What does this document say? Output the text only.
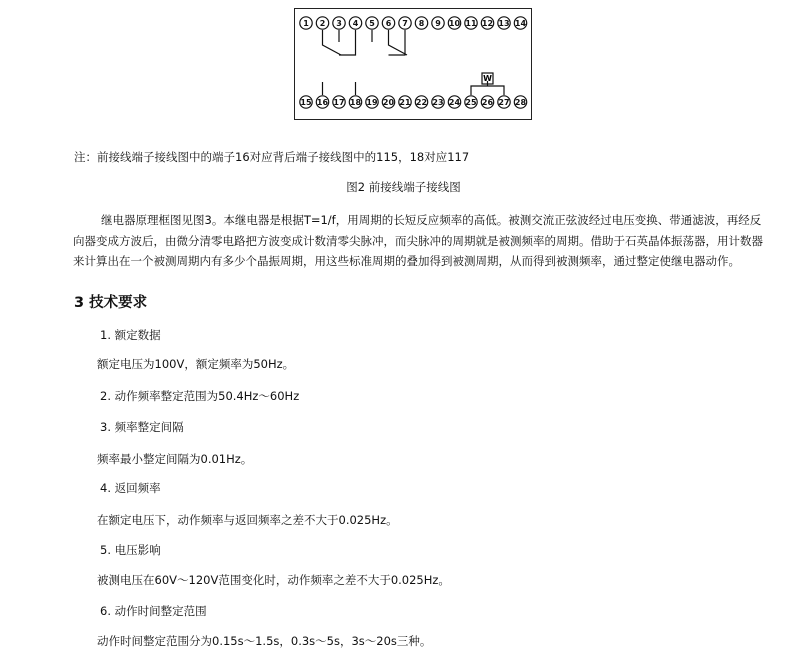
1 2 3 4 5 6 7 8 9 10 11 12 13 14
15 16 17 18 19 20 21 22 23 24 25 26 27 28
W
注：前接线端子接线图中的端子16对应背后端子接线图中的115，18对应117
图2 前接线端子接线图
继电器原理框图见图3。本继电器是根据T=1/f，用周期的长短反应频率的高低。被测交流正弦波经过电压变换、带通滤波，再经反向器变成方波后，由微分清零电路把方波变成计数清零尖脉冲，而尖脉冲的周期就是被测频率的周期。借助于石英晶体振荡器，用计数器来计算出在一个被测周期内有多少个晶振周期，用这些标准周期的叠加得到被测周期，从而得到被测频率，通过整定使继电器动作。
3 技术要求
1. 额定数据
额定电压为100V，额定频率为50Hz。
2. 动作频率整定范围为50.4Hz～60Hz
3. 频率整定间隔
频率最小整定间隔为0.01Hz。
4. 返回频率
在额定电压下，动作频率与返回频率之差不大于0.025Hz。
5. 电压影响
被测电压在60V～120V范围变化时，动作频率之差不大于0.025Hz。
6. 动作时间整定范围
动作时间整定范围分为0.15s～1.5s，0.3s～5s，3s～20s三种。
